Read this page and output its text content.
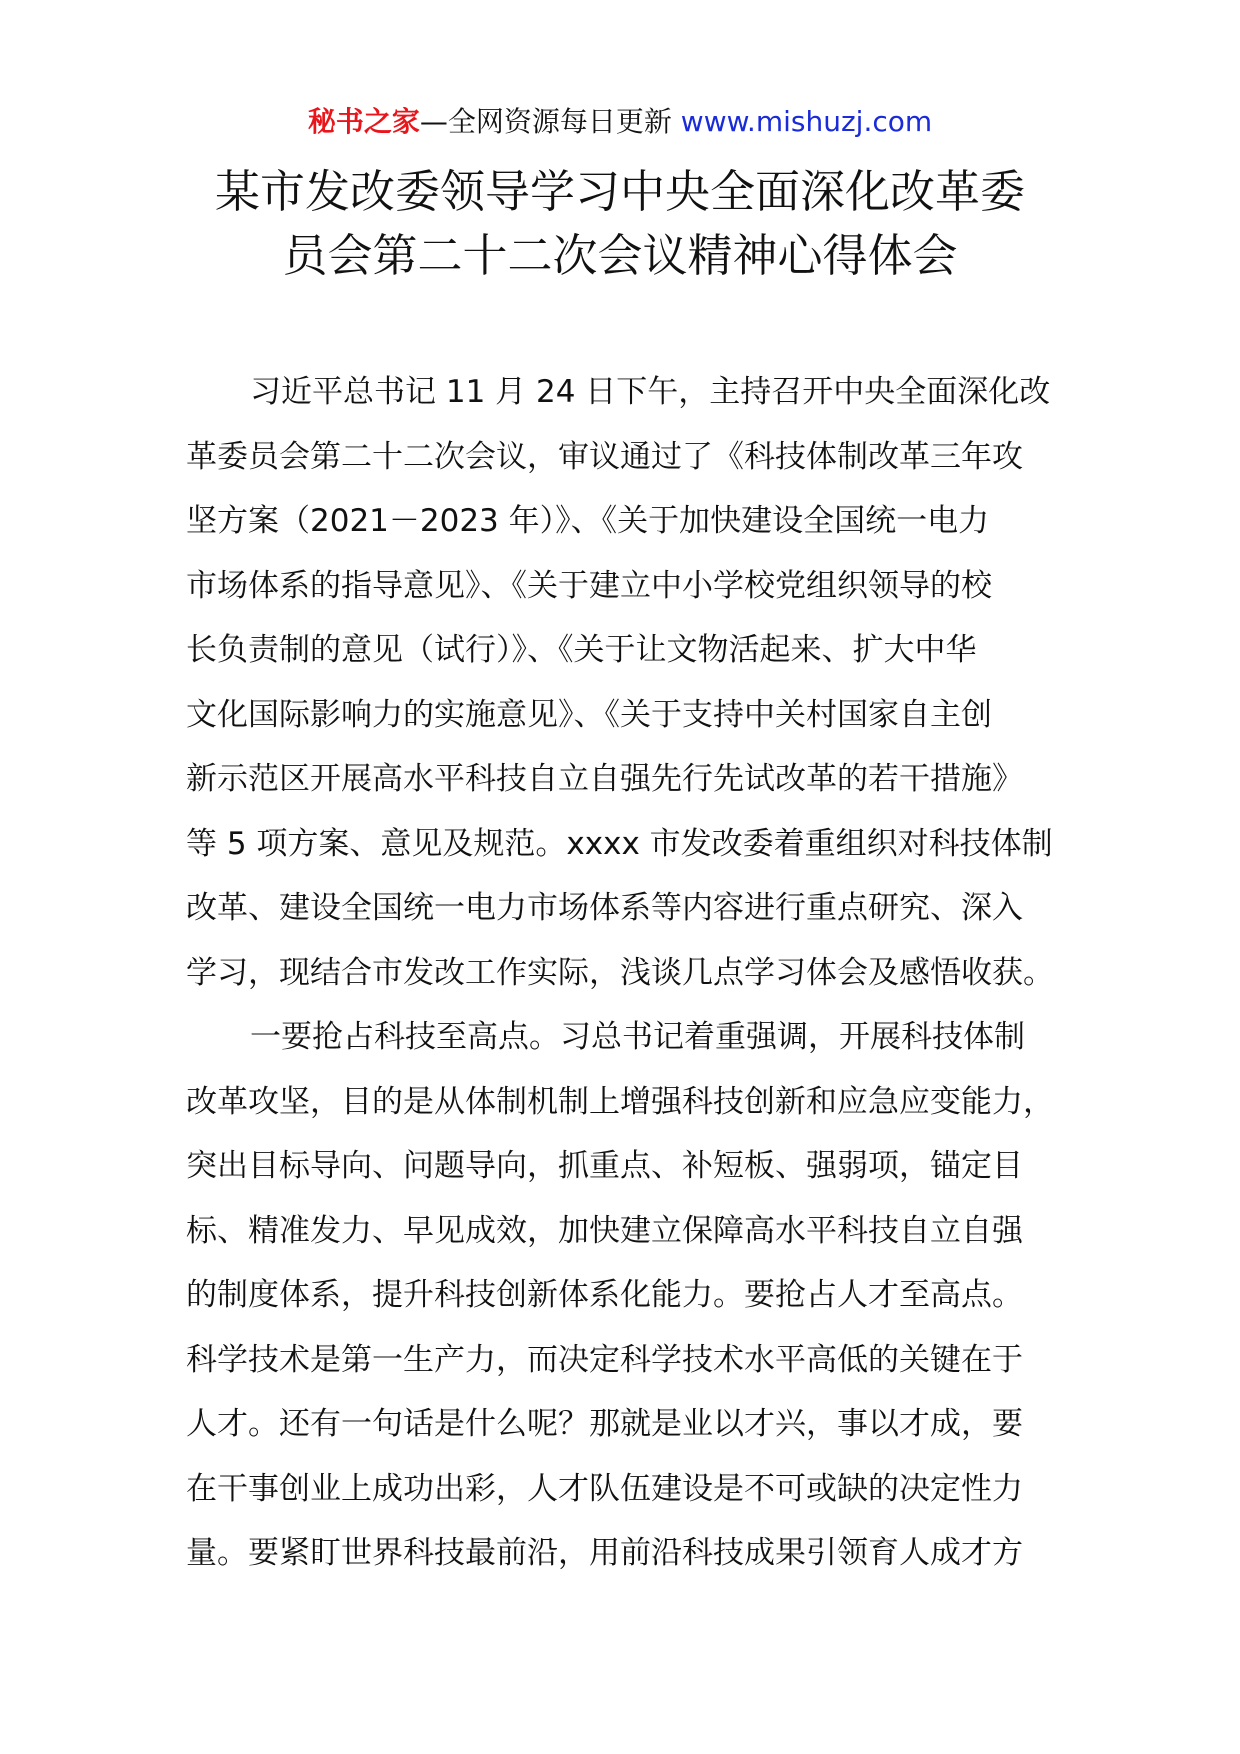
秘书之家—全网资源每日更新 www.mishuzj.com
某市发改委领导学习中央全面深化改革委
员会第二十二次会议精神心得体会
习近平总书记 11 月 24 日下午，主持召开中央全面深化改
革委员会第二十二次会议，审议通过了《科技体制改革三年攻
坚方案（2021－2023 年）》、《关于加快建设全国统一电力
市场体系的指导意见》、《关于建立中小学校党组织领导的校
长负责制的意见（试行）》、《关于让文物活起来、扩大中华
文化国际影响力的实施意见》、《关于支持中关村国家自主创
新示范区开展高水平科技自立自强先行先试改革的若干措施》
等 5 项方案、意见及规范。xxxx 市发改委着重组织对科技体制
改革、建设全国统一电力市场体系等内容进行重点研究、深入
学习，现结合市发改工作实际，浅谈几点学习体会及感悟收获。
一要抢占科技至高点。习总书记着重强调，开展科技体制
改革攻坚，目的是从体制机制上增强科技创新和应急应变能力，
突出目标导向、问题导向，抓重点、补短板、强弱项，锚定目
标、精准发力、早见成效，加快建立保障高水平科技自立自强
的制度体系，提升科技创新体系化能力。要抢占人才至高点。
科学技术是第一生产力，而决定科学技术水平高低的关键在于
人才。还有一句话是什么呢？那就是业以才兴，事以才成，要
在干事创业上成功出彩，人才队伍建设是不可或缺的决定性力
量。要紧盯世界科技最前沿，用前沿科技成果引领育人成才方
